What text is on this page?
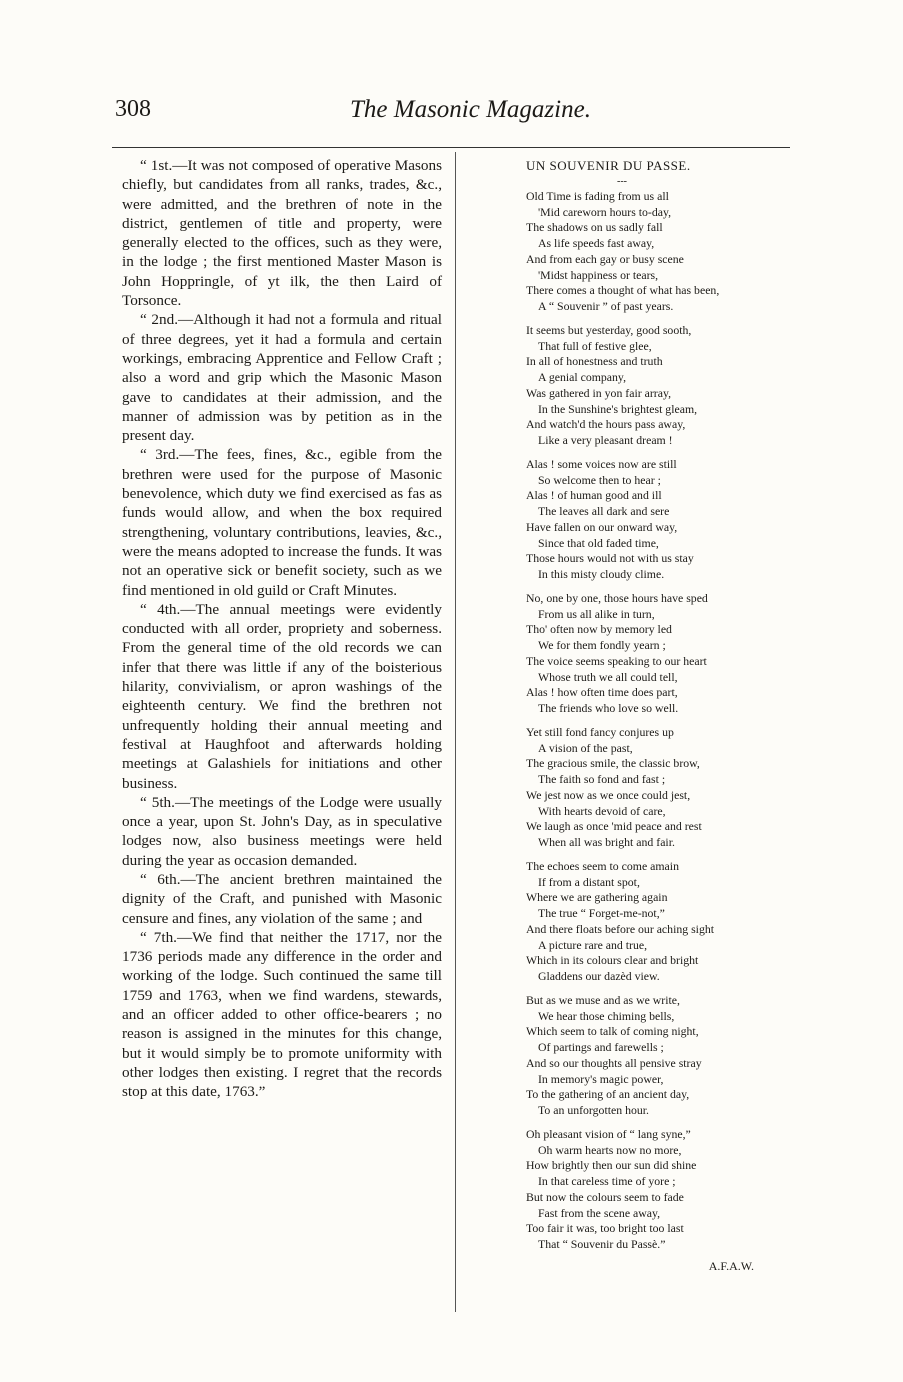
308	The Masonic Magazine.

“ 1st.—It was not composed of operative Masons chiefly, but candidates from all ranks, trades, &c., were admitted, and the brethren of note in the district, gentlemen of title and property, were generally elected to the offices, such as they were, in the lodge ; the first mentioned Master Mason is John Hoppringle, of yt ilk, the then Laird of Torsonce.

“ 2nd.—Although it had not a formula and ritual of three degrees, yet it had a formula and certain workings, embracing Apprentice and Fellow Craft ; also a word and grip which the Masonic Mason gave to candidates at their admission, and the manner of admission was by petition as in the present day.

“ 3rd.—The fees, fines, &c., egible from the brethren were used for the purpose of Masonic benevolence, which duty we find exercised as fas as funds would allow, and when the box required strengthening, voluntary contributions, leavies, &c., were the means adopted to increase the funds. It was not an operative sick or benefit society, such as we find mentioned in old guild or Craft Minutes.

“ 4th.—The annual meetings were evidently conducted with all order, propriety and soberness. From the general time of the old records we can infer that there was little if any of the boisterious hilarity, convivialism, or apron washings of the eighteenth century. We find the brethren not unfrequently holding their annual meeting and festival at Haughfoot and afterwards holding meetings at Galashiels for initiations and other business.

“ 5th.—The meetings of the Lodge were usually once a year, upon St. John's Day, as in speculative lodges now, also business meetings were held during the year as occasion demanded.

“ 6th.—The ancient brethren maintained the dignity of the Craft, and punished with Masonic censure and fines, any violation of the same ; and

“ 7th.—We find that neither the 1717, nor the 1736 periods made any difference in the order and working of the lodge. Such continued the same till 1759 and 1763, when we find wardens, stewards, and an officer added to other office-bearers ; no reason is assigned in the minutes for this change, but it would simply be to promote uniformity with other lodges then existing. I regret that the records stop at this date, 1763.”

UN SOUVENIR DU PASSE.
---
Old Time is fading from us all
'Mid careworn hours to-day,
The shadows on us sadly fall
As life speeds fast away,
And from each gay or busy scene
'Midst happiness or tears,
There comes a thought of what has been,
A “ Souvenir ” of past years.
It seems but yesterday, good sooth,
That full of festive glee,
In all of honestness and truth
A genial company,
Was gathered in yon fair array,
In the Sunshine's brightest gleam,
And watch'd the hours pass away,
Like a very pleasant dream !
Alas ! some voices now are still
So welcome then to hear ;
Alas ! of human good and ill
The leaves all dark and sere
Have fallen on our onward way,
Since that old faded time,
Those hours would not with us stay
In this misty cloudy clime.
No, one by one, those hours have sped
From us all alike in turn,
Tho' often now by memory led
We for them fondly yearn ;
The voice seems speaking to our heart
Whose truth we all could tell,
Alas ! how often time does part,
The friends who love so well.
Yet still fond fancy conjures up
A vision of the past,
The gracious smile, the classic brow,
The faith so fond and fast ;
We jest now as we once could jest,
With hearts devoid of care,
We laugh as once 'mid peace and rest
When all was bright and fair.
The echoes seem to come amain
If from a distant spot,
Where we are gathering again
The true “ Forget-me-not,”
And there floats before our aching sight
A picture rare and true,
Which in its colours clear and bright
Gladdens our dazèd view.
But as we muse and as we write,
We hear those chiming bells,
Which seem to talk of coming night,
Of partings and farewells ;
And so our thoughts all pensive stray
In memory's magic power,
To the gathering of an ancient day,
To an unforgotten hour.
Oh pleasant vision of “ lang syne,”
Oh warm hearts now no more,
How brightly then our sun did shine
In that careless time of yore ;
But now the colours seem to fade
Fast from the scene away,
Too fair it was, too bright too last
That “ Souvenir du Passè.”
A.F.A.W.
